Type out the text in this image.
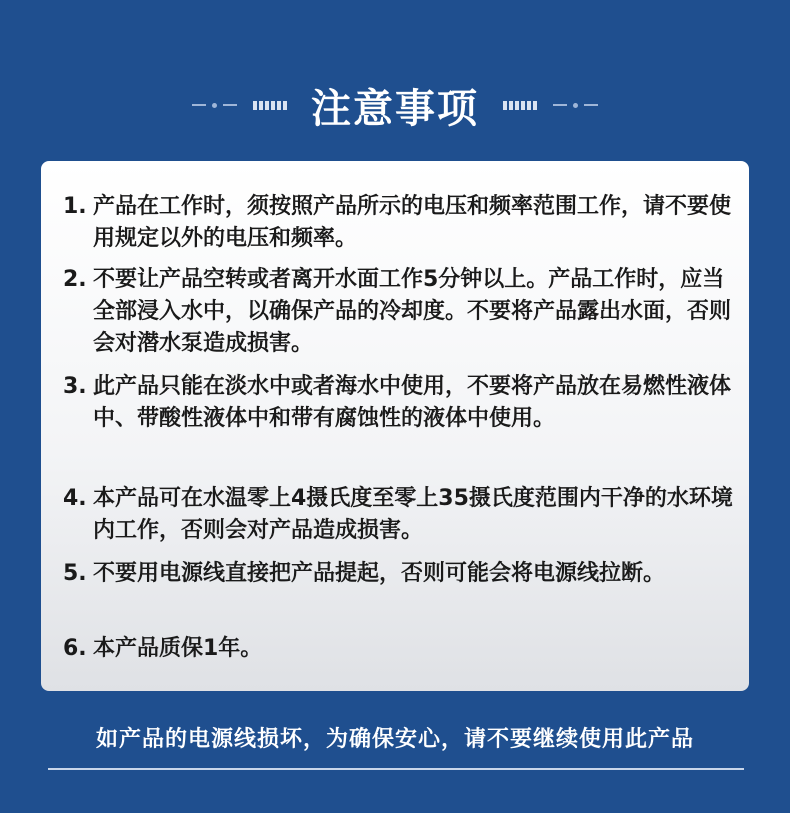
注意事项
1. 产品在工作时，须按照产品所示的电压和频率范围工作，请不要使用规定以外的电压和频率。
2. 不要让产品空转或者离开水面工作5分钟以上。产品工作时，应当全部浸入水中，以确保产品的冷却度。不要将产品露出水面，否则会对潜水泵造成损害。
3. 此产品只能在淡水中或者海水中使用，不要将产品放在易燃性液体中、带酸性液体中和带有腐蚀性的液体中使用。
4. 本产品可在水温零上4摄氏度至零上35摄氏度范围内干净的水环境内工作，否则会对产品造成损害。
5. 不要用电源线直接把产品提起，否则可能会将电源线拉断。
6. 本产品质保1年。
如产品的电源线损坏，为确保安心，请不要继续使用此产品
